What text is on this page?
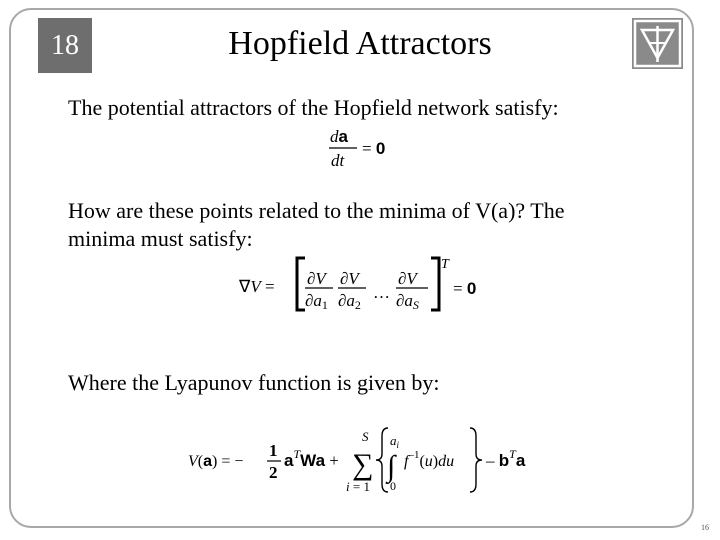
18	Hopfield Attractors
The potential attractors of the Hopfield network satisfy:
da
dt
= 0
How are these points related to the minima of V(a)? The
minima must satisfy:
∇V = ∂V
∂a1
∂V
∂a2
…
∂V
∂aS
T
= 0
Where the Lyapunov function is given by:
V(a) = −
1
2
$a^TWa$ +
S
∑
i = 1
$a_i$
∫
0
$f^{-1}(u)du - b^Ta$
16
